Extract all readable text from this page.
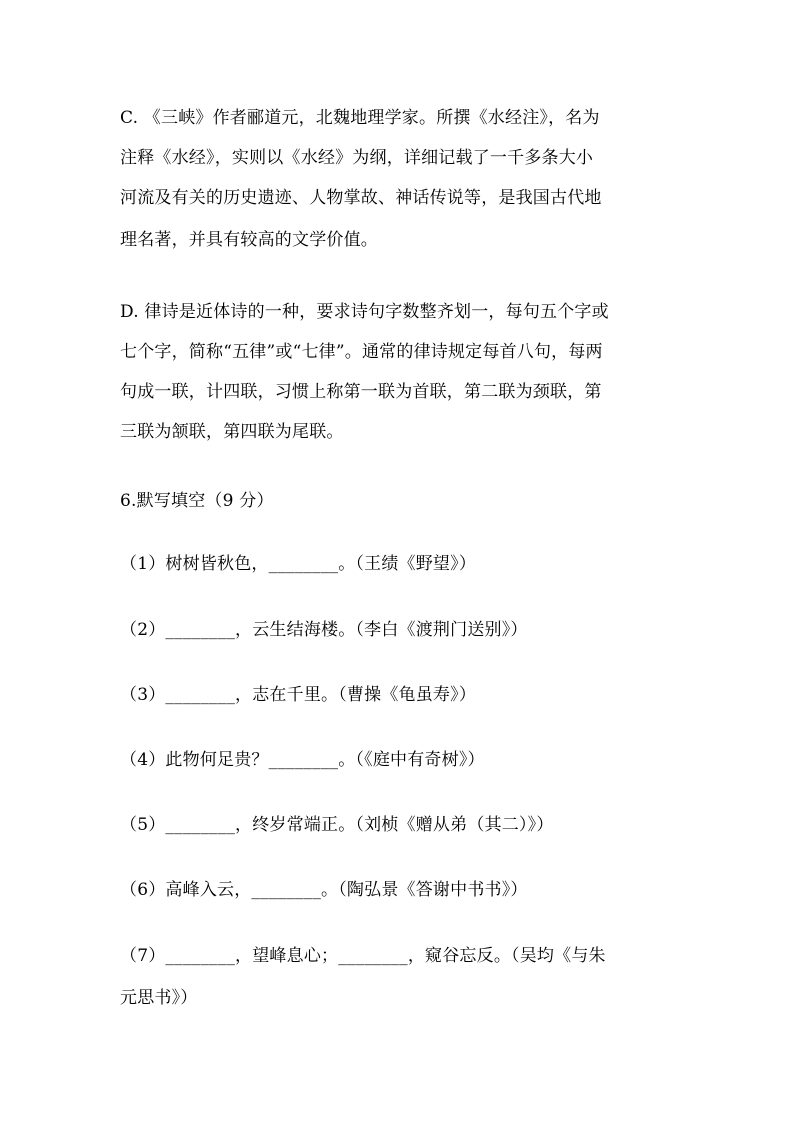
C. 《三峡》作者郦道元，北魏地理学家。所撰《水经注》，名为
注释《水经》，实则以《水经》为纲，详细记载了一千多条大小
河流及有关的历史遗迹、人物掌故、神话传说等，是我国古代地
理名著，并具有较高的文学价值。
D. 律诗是近体诗的一种，要求诗句字数整齐划一，每句五个字或
七个字，简称“五律”或“七律”。通常的律诗规定每首八句，每两
句成一联，计四联，习惯上称第一联为首联，第二联为颈联，第
三联为颔联，第四联为尾联。
6.默写填空（9 分）
（1）树树皆秋色，________。（王绩《野望》）
（2）________，云生结海楼。（李白《渡荆门送别》）
（3）________，志在千里。（曹操《龟虽寿》）
（4）此物何足贵？________。（《庭中有奇树》）
（5）________，终岁常端正。（刘桢《赠从弟（其二）》）
（6）高峰入云，________。（陶弘景《答谢中书书》）
（7）________，望峰息心；________，窥谷忘反。（吴均《与朱
元思书》）
